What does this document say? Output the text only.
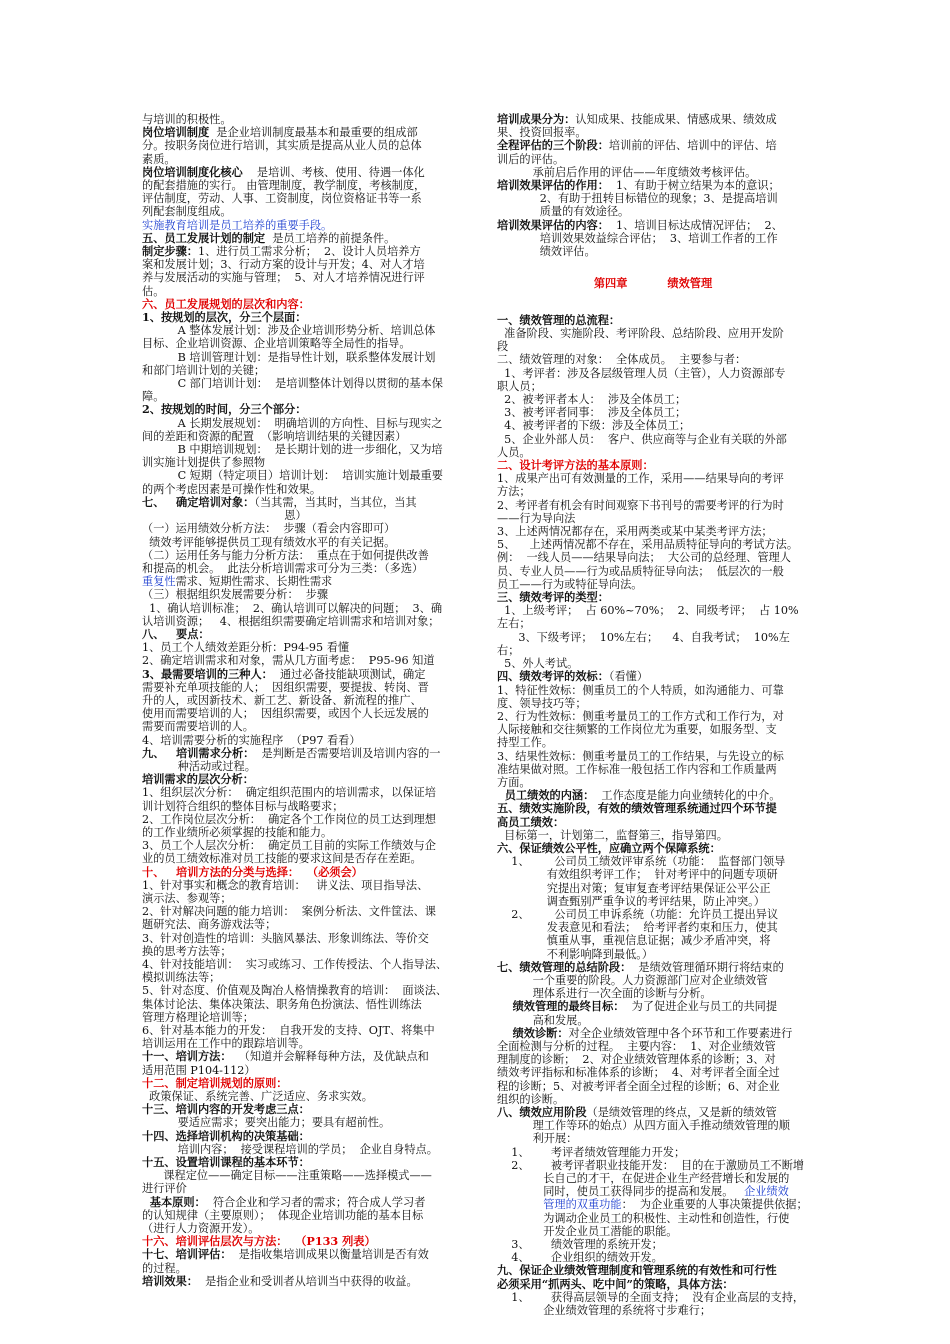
与培训的积极性。
岗位培训制度  是企业培训制度最基本和最重要的组成部
分。按职务岗位进行培训，其实质是提高从业人员的总体
素质。
岗位培训制度化核心    是培训、考核、使用、待遇一体化
的配套措施的实行。 由管理制度，教学制度，考核制度，
评估制度，劳动、人事、工资制度，岗位资格证书等一系
列配套制度组成。
实施教育培训是员工培养的重要手段。
五、员工发展计划的制定  是员工培养的前提条件。
制定步骤：1、进行员工需求分析；  2、设计人员培养方
案和发展计划；3、行动方案的设计与开发；4、对人才培
养与发展活动的实施与管理；  5、对人才培养情况进行评
估。
六、员工发展规划的层次和内容：
1、按规划的层次，分三个层面：
A 整体发展计划：涉及企业培训形势分析、培训总体
目标、企业培训资源、企业培训策略等全局性的指导。
B 培训管理计划：是指导性计划，联系整体发展计划
和部门培训计划的关键；
C 部门培训计划：  是培训整体计划得以贯彻的基本保
障。
2、按规划的时间，分三个部分：
A 长期发展规划：  明确培训的方向性、目标与现实之
间的差距和资源的配置  （影响培训结果的关键因素）
B 中期培训规划：  是长期计划的进一步细化，又为培
训实施计划提供了参照物
C 短期（特定项目）培训计划：  培训实施计划最重要
的两个考虑因素是可操作性和效果。
七、   确定培训对象：（当其需，当其时，当其位，当其
恩）
（一）运用绩效分析方法：  步骤（看会内容即可）
绩效考评能够提供员工现有绩效水平的有关记据。
（二）运用任务与能力分析方法：  重点在于如何提供改善
和提高的机会。  此法分析培训需求可分为三类：（多选）
重复性需求、短期性需求、长期性需求
（三）根据组织发展需要分析：  步骤
1、确认培训标准；  2、确认培训可以解决的问题；  3、确
认培训资源；   4、根据组织需要确定培训需求和培训对象；
八、   要点：
1、员工个人绩效差距分析：P94-95 看懂
2、确定培训需求和对象，需从几方面考虑：  P95-96 知道
3、最需要培训的三种人：  通过必备技能缺项测试，确定
需要补充单项技能的人；  因组织需要，要提拔、转岗、晋
升的人，或因新技术、新工艺、新设备、新流程的推广、
使用而需要培训的人；  因组织需要，或因个人长远发展的
需要而需要培训的人。
4、培训需要分析的实施程序  （P97 看看）
九、   培训需求分析：  是判断是否需要培训及培训内容的一
种活动或过程。
培训需求的层次分析：
1、组织层次分析：  确定组织范围内的培训需求，以保证培
训计划符合组织的整体目标与战略要求；
2、工作岗位层次分析：  确定各个工作岗位的员工达到理想
的工作业绩所必须掌握的技能和能力。
3、员工个人层次分析：  确定员工目前的实际工作绩效与企
业的员工绩效标准对员工技能的要求这间是否存在差距。
十、   培训方法的分类与选择：  （必须会）
1、针对事实和概念的教育培训：   讲义法、项目指导法、
演示法、参观等；
2、针对解决问题的能力培训：  案例分析法、文件筐法、课
题研究法、商务游戏法等；
3、针对创造性的培训：头脑风暴法、形象训练法、等价交
换的思考方法等；
4、针对技能培训：  实习或练习、工作传授法、个人指导法、
模拟训练法等；
5、针对态度、价值观及陶冶人格情操教育的培训：  面谈法、
集体讨论法、集体决策法、职务角色扮演法、悟性训练法
管理方格理论培训等；
6、针对基本能力的开发：  自我开发的支持、OJT、将集中
培训运用在工作中的跟踪培训等。
十一、培训方法：  （知道并会解释每种方法，及优缺点和
适用范围 P104-112）
十二、制定培训规划的原则：
政策保证、系统完善、广泛适应、务求实效。
十三、培训内容的开发考虑三点：
要适应需求；要突出能力；要具有超前性。
十四、选择培训机构的决策基础：
培训内容；  接受课程培训的学员；  企业自身特点。
十五、设置培训课程的基本环节：
课程定位——确定目标——注重策略——选择模式——
进行评价
基本原则：  符合企业和学习者的需求；符合成人学习者
的认知规律（主要原则）；  体现企业培训功能的基本目标
（进行人力资源开发）。
十六、培训评估层次与方法：  （P133 列表）
十七、培训评估：  是指收集培训成果以衡量培训是否有效
的过程。
培训效果：  是指企业和受训者从培训当中获得的收益。
培训成果分为：认知成果、技能成果、情感成果、绩效成
果、投资回报率。
全程评估的三个阶段：培训前的评估、培训中的评估、培
训后的评估。
承前启后作用的评估——年度绩效考核评估。
培训效果评估的作用：  1、有助于树立结果为本的意识；
2、有助于扭转目标错位的现象；3、是提高培训
质量的有效途径。
培训效果评估的内容：  1、培训目标达成情况评估；  2、
培训效果效益综合评估；  3、培训工作者的工作
绩效评估。
第四章	绩效管理
一、绩效管理的总流程：
准备阶段、实施阶段、考评阶段、总结阶段、应用开发阶
段
二、绩效管理的对象：  全体成员。  主要参与者：
1、考评者：涉及各层级管理人员（主管），人力资源部专
职人员；
2、被考评者本人：  涉及全体员工；
3、被考评者同事：  涉及全体员工；
4、被考评者的下级：涉及全体员工；
5、企业外部人员：  客户、供应商等与企业有关联的外部
人员。
二、设计考评方法的基本原则：
1、成果产出可有效测量的工作，采用——结果导向的考评
方法；
2、考评者有机会有时间观察下书刊号的需要考评的行为时
——行为导向法
3、上述两情况都存在，采用两类或某中某类考评方法；
5、    上述两情况都不存在，采用品质特征导向的考试方法。
例：  一线人员——结果导向法；  大公司的总经理、管理人
员、专业人员——行为或品质特征导向法；  低层次的一般
员工——行为或特征导向法。
三、绩效考评的类型：
1、上级考评；  占 60%~70%；  2、同级考评；  占 10%左右；
3、下级考评；  10%左右；    4、自我考试；  10%左右；
5、外人考试。
四、绩效考评的效标：（看懂）
1、特征性效标：侧重员工的个人特质，如沟通能力、可靠
度、领导技巧等；
2、行为性效标：侧重考量员工的工作方式和工作行为，对
人际接触和交往频繁的工作岗位尤为重要，如服务型、支
持型工作。
3、结果性效标：侧重考量员工的工作结果，与先设立的标
准结果做对照。工作标准一般包括工作内容和工作质量两
方面。
员工绩效的内涵：  工作态度是能力向业绩转化的中介。
五、绩效实施阶段，有效的绩效管理系统通过四个环节提
高员工绩效：
目标第一，计划第二，监督第三，指导第四。
六、保证绩效公平性，应确立两个保障系统：
1、       公司员工绩效评审系统（功能：  监督部门领导
有效组织考评工作；  针对考评中的问题专项研
究提出对策；复审复查考评结果保证公平公正
调查甄别严重争议的考评结果，防止冲突。）
2、       公司员工申诉系统（功能：允许员工提出异议
发表意见和看法；  给考评者约束和压力，使其
慎重从事，重视信息证据；减少矛盾冲突，将
不利影响降到最低。）
七、绩效管理的总结阶段：  是绩效管理循环期行将结束的
一个重要的阶段。人力资源部门应对企业绩效管
理体系进行一次全面的诊断与分析。
绩效管理的最终目标：  为了促进企业与员工的共同提
高和发展。
绩效诊断：对全企业绩效管理中各个环节和工作要素进行
全面检测与分析的过程。  主要内容：  1、对企业绩效管
理制度的诊断；  2、对企业绩效管理体系的诊断；3、对
绩效考评指标和标准体系的诊断；  4、对考评者全面全过
程的诊断；5、对被考评者全面全过程的诊断；6、对企业
组织的诊断。
八、绩效应用阶段（是绩效管理的终点，又是新的绩效管
理工作等环的始点）从四方面入手推动绩效管理的顺
利开展：
1、      考评者绩效管理能力开发；
2、      被考评者职业技能开发：  目的在于激励员工不断增
长自己的才干，在促进企业生产经营增长和发展的
同时，使员工获得同步的提高和发展。   企业绩效
管理的双重功能：  为企业重要的人事决策提供依据；
为调动企业员工的积极性、主动性和创造性，行使
开发企业员工潜能的职能。
3、      绩效管理的系统开发；
4、      企业组织的绩效开发。
九、保证企业绩效管理制度和管理系统的有效性和可行性
必须采用“抓两头、吃中间”的策略，具体方法：
1、      获得高层领导的全面支持；  没有企业高层的支持，
企业绩效管理的系统将寸步难行；
